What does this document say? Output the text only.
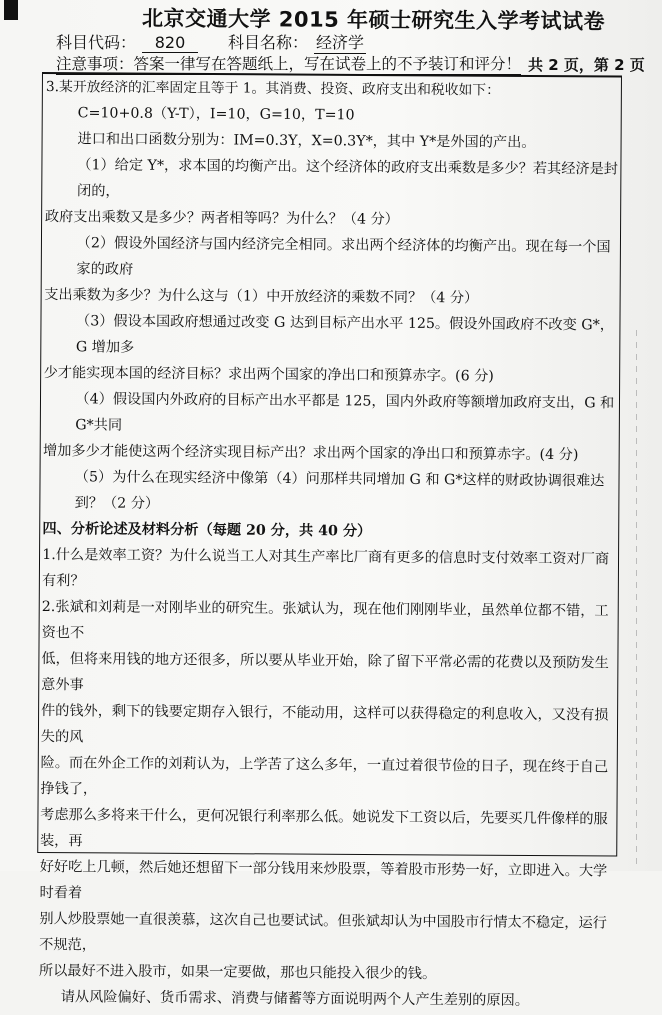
北京交通大学 2015 年硕士研究生入学考试试卷
科目代码：	820	科目名称： 经济学
注意事项：答案一律写在答题纸上，写在试卷上的不予装订和评分！ 共 2 页，第 2 页

3.某开放经济的汇率固定且等于 1。其消费、投资、政府支出和税收如下：

C=10+0.8（Y-T），I=10，G=10，T=10

进口和出口函数分别为：IM=0.3Y，X=0.3Y*，其中 Y*是外国的产出。

（1）给定 Y*，求本国的均衡产出。这个经济体的政府支出乘数是多少？若其经济是封闭的，

政府支出乘数又是多少？两者相等吗？为什么？（4 分）

（2）假设外国经济与国内经济完全相同。求出两个经济体的均衡产出。现在每一个国家的政府

支出乘数为多少？为什么这与（1）中开放经济的乘数不同？（4 分）

（3）假设本国政府想通过改变 G 达到目标产出水平 125。假设外国政府不改变 G*，G 增加多

少才能实现本国的经济目标？求出两个国家的净出口和预算赤字。(6 分)

（4）假设国内外政府的目标产出水平都是 125，国内外政府等额增加政府支出，G 和 G*共同

增加多少才能使这两个经济实现目标产出？求出两个国家的净出口和预算赤字。(4 分)

（5）为什么在现实经济中像第（4）问那样共同增加 G 和 G*这样的财政协调很难达到？（2 分）

四、分析论述及材料分析（每题 20 分，共 40 分）

1.什么是效率工资？为什么说当工人对其生产率比厂商有更多的信息时支付效率工资对厂商有利？

2.张斌和刘莉是一对刚毕业的研究生。张斌认为，现在他们刚刚毕业，虽然单位都不错，工资也不

低，但将来用钱的地方还很多，所以要从毕业开始，除了留下平常必需的花费以及预防发生意外事

件的钱外，剩下的钱要定期存入银行，不能动用，这样可以获得稳定的利息收入，又没有损失的风

险。而在外企工作的刘莉认为，上学苦了这么多年，一直过着很节俭的日子，现在终于自己挣钱了，

考虑那么多将来干什么，更何况银行利率那么低。她说发下工资以后，先要买几件像样的服装，再

好好吃上几顿，然后她还想留下一部分钱用来炒股票，等着股市形势一好，立即进入。大学时看着

别人炒股票她一直很羡慕，这次自己也要试试。但张斌却认为中国股市行情太不稳定，运行不规范，

所以最好不进入股市，如果一定要做，那也只能投入很少的钱。

请从风险偏好、货币需求、消费与储蓄等方面说明两个人产生差别的原因。
